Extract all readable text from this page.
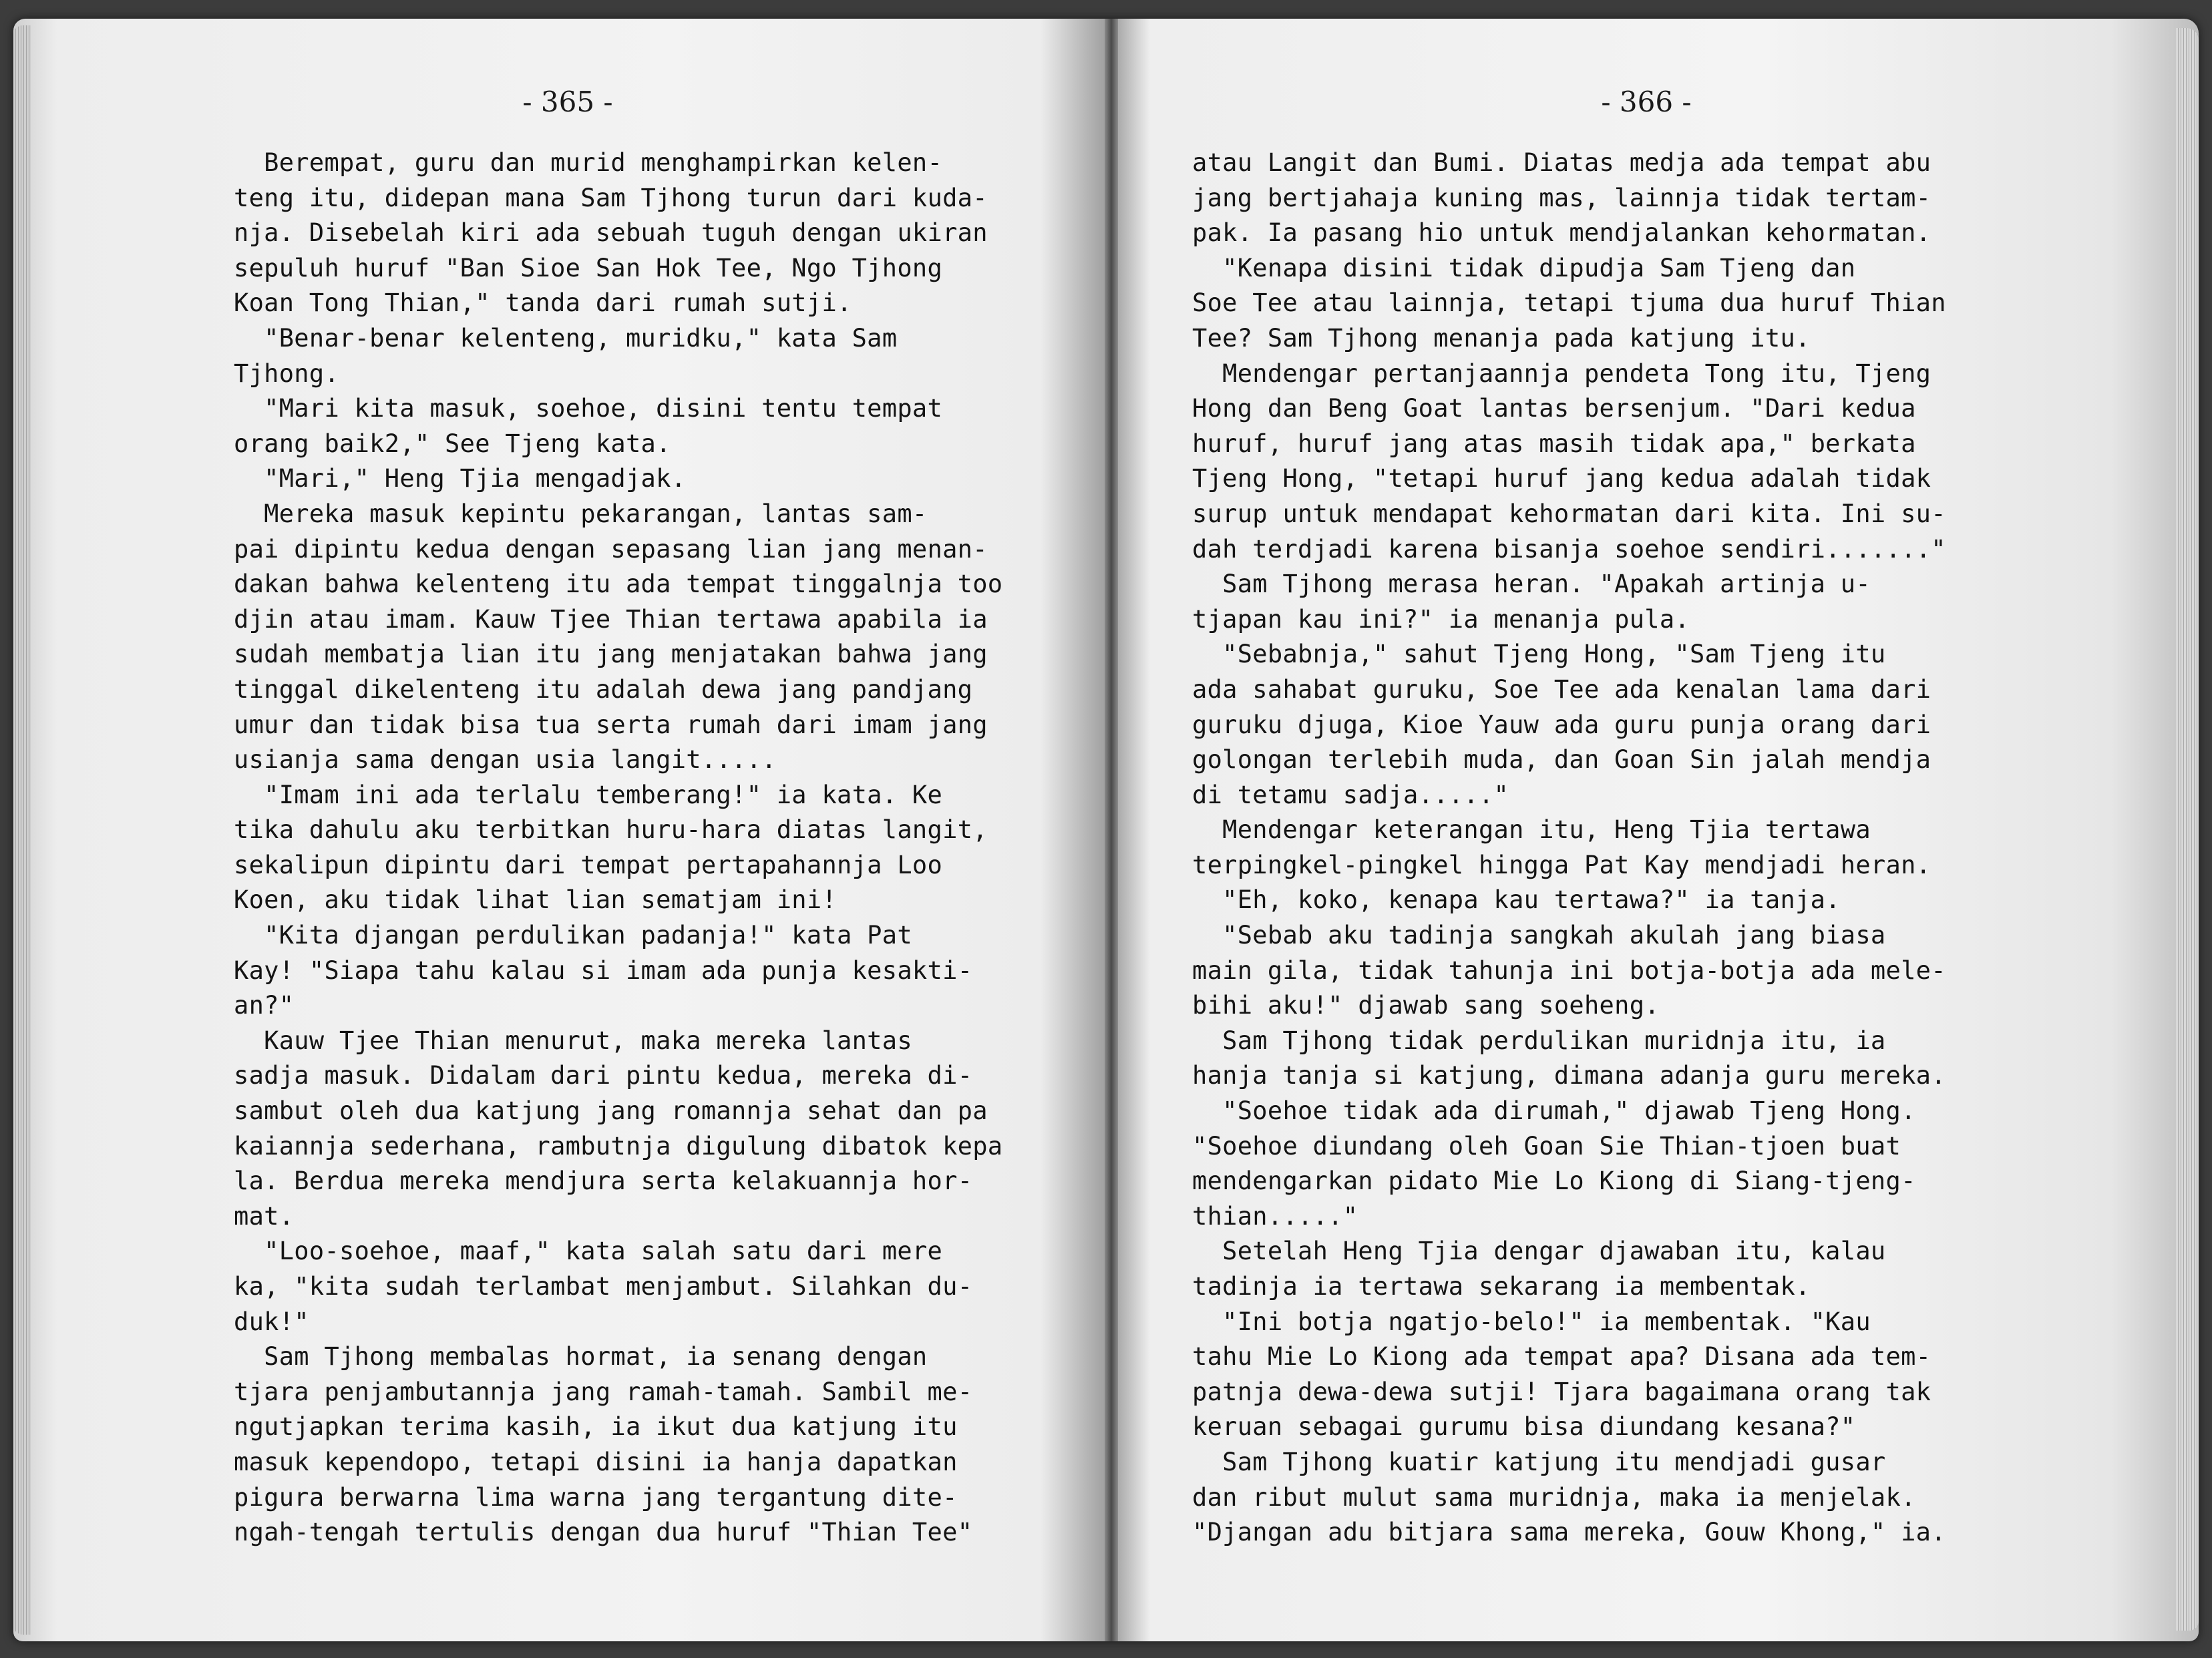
- 365 -
Berempat, guru dan murid menghampirkan kelen-
teng itu, didepan mana Sam Tjhong turun dari kuda-
nja. Disebelah kiri ada sebuah tuguh dengan ukiran
sepuluh huruf "Ban Sioe San Hok Tee, Ngo Tjhong
Koan Tong Thian," tanda dari rumah sutji.
"Benar-benar kelenteng, muridku," kata Sam
Tjhong.
"Mari kita masuk, soehoe, disini tentu tempat
orang baik2," See Tjeng kata.
"Mari," Heng Tjia mengadjak.
Mereka masuk kepintu pekarangan, lantas sam-
pai dipintu kedua dengan sepasang lian jang menan-
dakan bahwa kelenteng itu ada tempat tinggalnja too
djin atau imam. Kauw Tjee Thian tertawa apabila ia
sudah membatja lian itu jang menjatakan bahwa jang
tinggal dikelenteng itu adalah dewa jang pandjang
umur dan tidak bisa tua serta rumah dari imam jang
usianja sama dengan usia langit.....
"Imam ini ada terlalu temberang!" ia kata. Ke
tika dahulu aku terbitkan huru-hara diatas langit,
sekalipun dipintu dari tempat pertapahannja Loo
Koen, aku tidak lihat lian sematjam ini!
"Kita djangan perdulikan padanja!" kata Pat
Kay! "Siapa tahu kalau si imam ada punja kesakti-
an?"
Kauw Tjee Thian menurut, maka mereka lantas
sadja masuk. Didalam dari pintu kedua, mereka di-
sambut oleh dua katjung jang romannja sehat dan pa
kaiannja sederhana, rambutnja digulung dibatok kepa
la. Berdua mereka mendjura serta kelakuannja hor-
mat.
"Loo-soehoe, maaf," kata salah satu dari mere
ka, "kita sudah terlambat menjambut. Silahkan du-
duk!"
Sam Tjhong membalas hormat, ia senang dengan
tjara penjambutannja jang ramah-tamah. Sambil me-
ngutjapkan terima kasih, ia ikut dua katjung itu
masuk kependopo, tetapi disini ia hanja dapatkan
pigura berwarna lima warna jang tergantung dite-
ngah-tengah tertulis dengan dua huruf "Thian Tee"
- 366 -
atau Langit dan Bumi. Diatas medja ada tempat abu
jang bertjahaja kuning mas, lainnja tidak tertam-
pak. Ia pasang hio untuk mendjalankan kehormatan.
"Kenapa disini tidak dipudja Sam Tjeng dan
Soe Tee atau lainnja, tetapi tjuma dua huruf Thian
Tee? Sam Tjhong menanja pada katjung itu.
Mendengar pertanjaannja pendeta Tong itu, Tjeng
Hong dan Beng Goat lantas bersenjum. "Dari kedua
huruf, huruf jang atas masih tidak apa," berkata
Tjeng Hong, "tetapi huruf jang kedua adalah tidak
surup untuk mendapat kehormatan dari kita. Ini su-
dah terdjadi karena bisanja soehoe sendiri......."
Sam Tjhong merasa heran. "Apakah artinja u-
tjapan kau ini?" ia menanja pula.
"Sebabnja," sahut Tjeng Hong, "Sam Tjeng itu
ada sahabat guruku, Soe Tee ada kenalan lama dari
guruku djuga, Kioe Yauw ada guru punja orang dari
golongan terlebih muda, dan Goan Sin jalah mendja
di tetamu sadja....."
Mendengar keterangan itu, Heng Tjia tertawa
terpingkel-pingkel hingga Pat Kay mendjadi heran.
"Eh, koko, kenapa kau tertawa?" ia tanja.
"Sebab aku tadinja sangkah akulah jang biasa
main gila, tidak tahunja ini botja-botja ada mele-
bihi aku!" djawab sang soeheng.
Sam Tjhong tidak perdulikan muridnja itu, ia
hanja tanja si katjung, dimana adanja guru mereka.
"Soehoe tidak ada dirumah," djawab Tjeng Hong.
"Soehoe diundang oleh Goan Sie Thian-tjoen buat
mendengarkan pidato Mie Lo Kiong di Siang-tjeng-
thian....."
Setelah Heng Tjia dengar djawaban itu, kalau
tadinja ia tertawa sekarang ia membentak.
"Ini botja ngatjo-belo!" ia membentak. "Kau
tahu Mie Lo Kiong ada tempat apa? Disana ada tem-
patnja dewa-dewa sutji! Tjara bagaimana orang tak
keruan sebagai gurumu bisa diundang kesana?"
Sam Tjhong kuatir katjung itu mendjadi gusar
dan ribut mulut sama muridnja, maka ia menjelak.
"Djangan adu bitjara sama mereka, Gouw Khong," ia.
